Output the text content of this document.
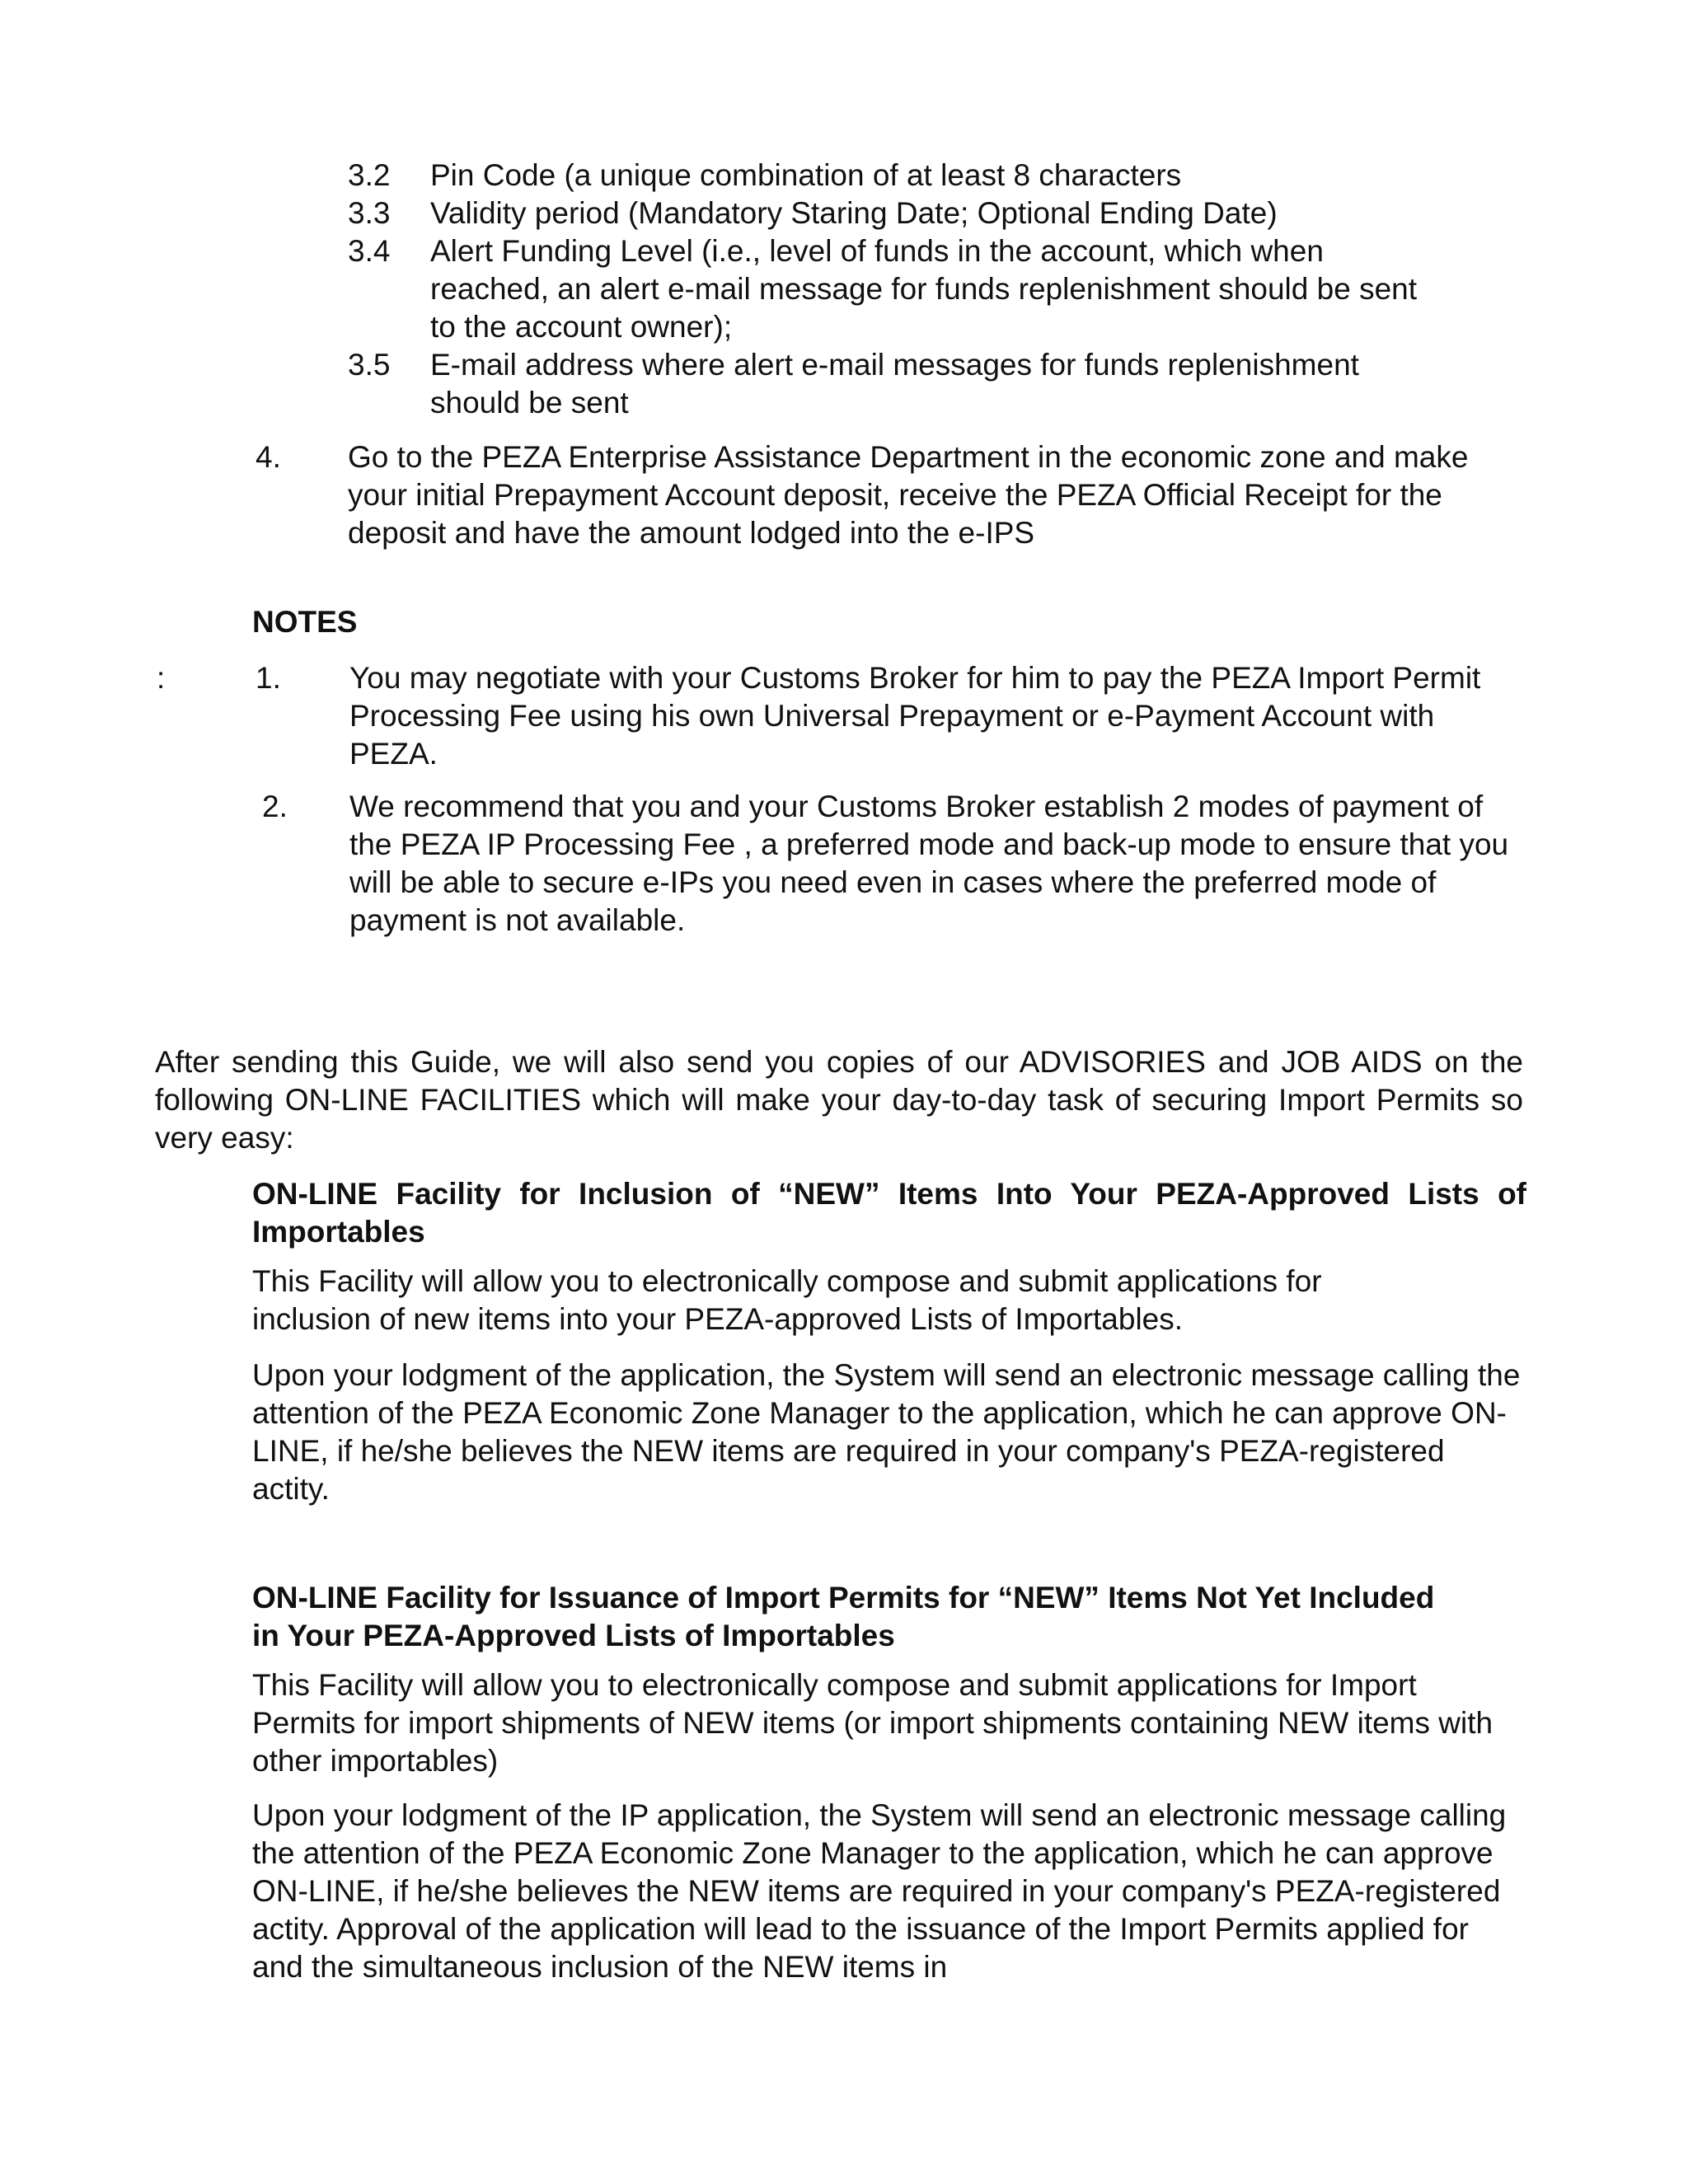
3.2 Pin Code (a unique combination of at least 8 characters

3.3 Validity period (Mandatory Staring Date; Optional Ending Date)

3.4 Alert Funding Level (i.e., level of funds in the account, which when reached, an alert e-mail message for funds replenishment should be sent to the account owner);

3.5 E-mail address where alert e-mail messages for funds replenishment should be sent

4. Go to the PEZA Enterprise Assistance Department in the economic zone and make your initial Prepayment Account deposit, receive the PEZA Official Receipt for the deposit and have the amount lodged into the e-IPS

NOTES

:	1. You may negotiate with your Customs Broker for him to pay the PEZA Import Permit Processing Fee using his own Universal Prepayment or e-Payment Account with PEZA.

2. We recommend that you and your Customs Broker establish 2 modes of payment of the PEZA IP Processing Fee , a preferred mode and back-up mode to ensure that you will be able to secure e-IPs you need even in cases where the preferred mode of payment is not available.

After sending this Guide, we will also send you copies of our ADVISORIES and JOB AIDS on the following ON-LINE FACILITIES which will make your day-to-day task of securing Import Permits so very easy:

ON-LINE Facility for Inclusion of “NEW” Items Into Your PEZA-Approved Lists of Importables

This Facility will allow you to electronically compose and submit applications for inclusion of new items into your PEZA-approved Lists of Importables.

Upon your lodgment of the application, the System will send an electronic message calling the attention of the PEZA Economic Zone Manager to the application, which he can approve ON-LINE, if he/she believes the NEW items are required in your company's PEZA-registered actity.

ON-LINE Facility for Issuance of Import Permits for “NEW” Items Not Yet Included in Your PEZA-Approved Lists of Importables

This Facility will allow you to electronically compose and submit applications for Import Permits for import shipments of NEW items (or import shipments containing NEW items with other importables)

Upon your lodgment of the IP application, the System will send an electronic message calling the attention of the PEZA Economic Zone Manager to the application, which he can approve ON-LINE, if he/she believes the NEW items are required in your company's PEZA-registered actity. Approval of the application will lead to the issuance of the Import Permits applied for and the simultaneous inclusion of the NEW items in
